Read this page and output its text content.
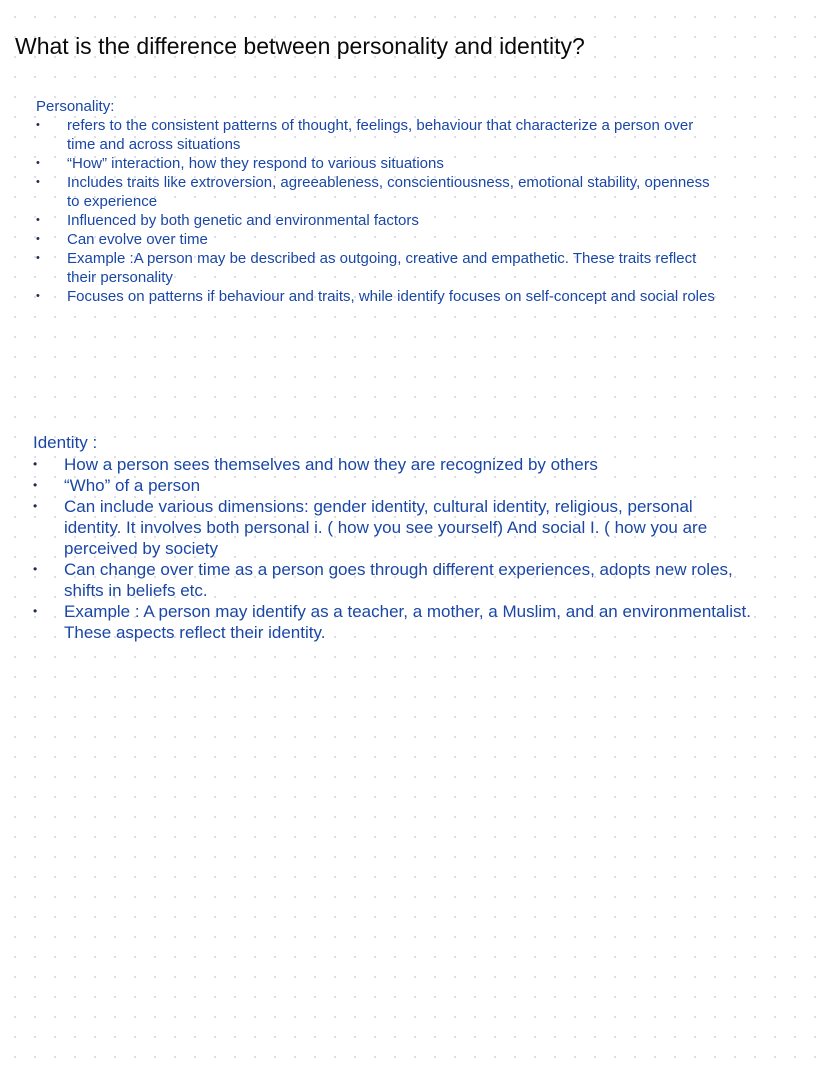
What is the difference between personality and identity?

Personality:

• refers to the consistent patterns of thought, feelings, behaviour that characterize a person over time and across situations
• “How” interaction, how they respond to various situations
• Includes traits like extroversion, agreeableness, conscientiousness, emotional stability, openness to experience
• Influenced by both genetic and environmental factors
• Can evolve over time
• Example :A person may be described as outgoing, creative and empathetic. These traits reflect their personality
• Focuses on patterns if behaviour and traits, while identify focuses on self-concept and social roles

Identity :

• How a person sees themselves and how they are recognized by others
• “Who” of a person
• Can include various dimensions: gender identity, cultural identity, religious, personal identity. It involves both personal i. ( how you see yourself) And social I. ( how you are perceived by society
• Can change over time as a person goes through different experiences, adopts new roles, shifts in beliefs etc.
• Example : A person may identify as a teacher, a mother, a Muslim, and an environmentalist. These aspects reflect their identity.
